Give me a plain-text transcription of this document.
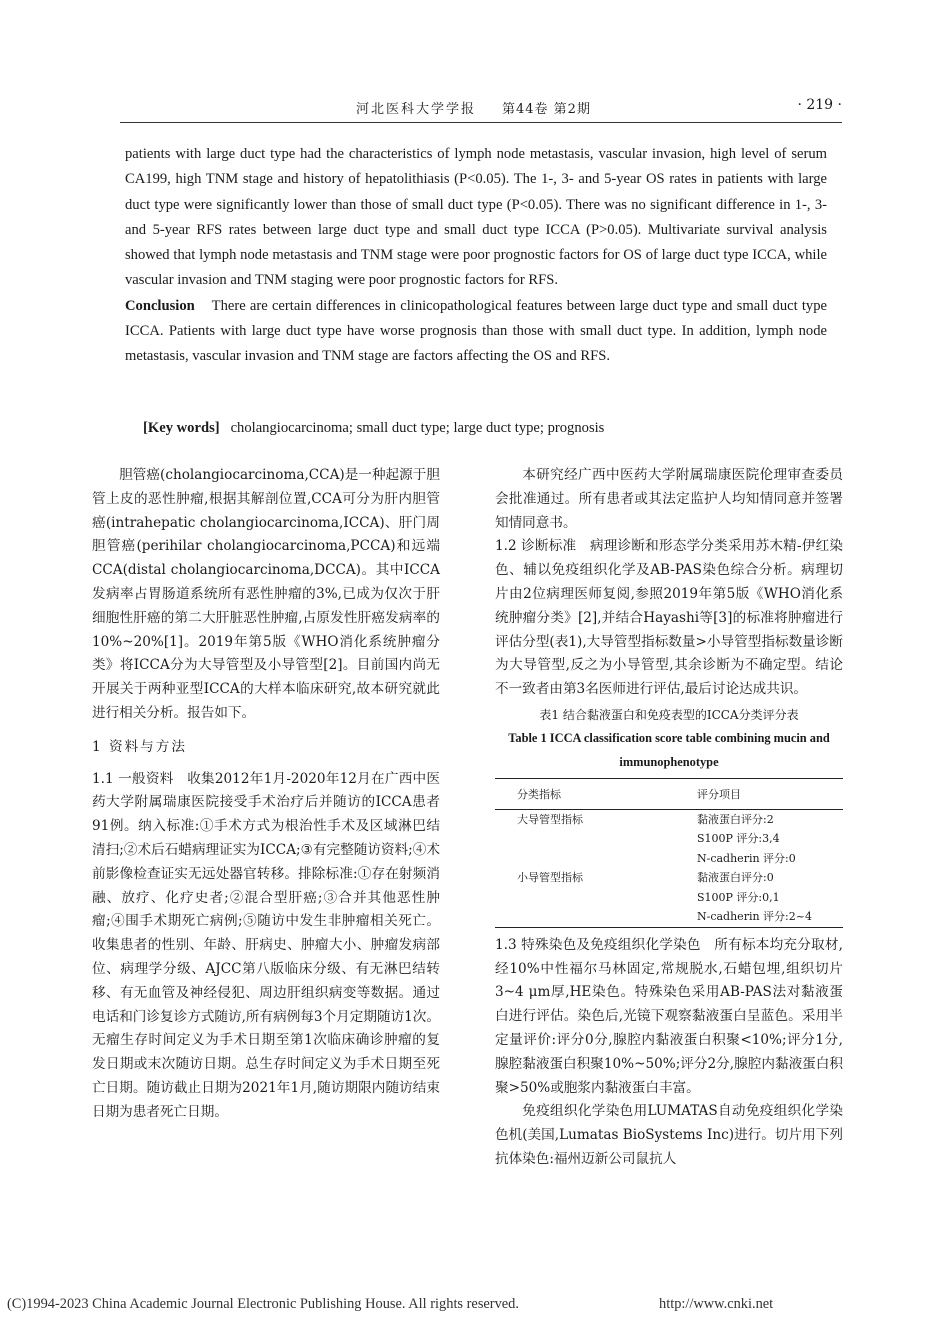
河北医科大学学报 第44卷 第2期	· 219 ·

patients with large duct type had the characteristics of lymph node metastasis, vascular invasion, high level of serum CA199, high TNM stage and history of hepatolithiasis (P<0.05). The 1-, 3- and 5-year OS rates in patients with large duct type were significantly lower than those of small duct type (P<0.05). There was no significant difference in 1-, 3-and 5-year RFS rates between large duct type and small duct type ICCA (P>0.05). Multivariate survival analysis showed that lymph node metastasis and TNM stage were poor prognostic factors for OS of large duct type ICCA, while vascular invasion and TNM staging were poor prognostic factors for RFS.

Conclusion There are certain differences in clinicopathological features between large duct type and small duct type ICCA. Patients with large duct type have worse prognosis than those with small duct type. In addition, lymph node metastasis, vascular invasion and TNM stage are factors affecting the OS and RFS.

[Key words] cholangiocarcinoma; small duct type; large duct type; prognosis

胆管癌(cholangiocarcinoma,CCA)是一种起源于胆管上皮的恶性肿瘤,根据其解剖位置,CCA可分为肝内胆管癌(intrahepatic cholangiocarcinoma,ICCA)、肝门周胆管癌(perihilar cholangiocarcinoma,PCCA)和远端CCA(distal cholangiocarcinoma,DCCA)。其中ICCA发病率占胃肠道系统所有恶性肿瘤的3%,已成为仅次于肝细胞性肝癌的第二大肝脏恶性肿瘤,占原发性肝癌发病率的10%~20%[1]。2019年第5版《WHO消化系统肿瘤分类》将ICCA分为大导管型及小导管型[2]。目前国内尚无开展关于两种亚型ICCA的大样本临床研究,故本研究就此进行相关分析。报告如下。

1 资料与方法

1.1 一般资料 收集2012年1月-2020年12月在广西中医药大学附属瑞康医院接受手术治疗后并随访的ICCA患者91例。纳入标准:①手术方式为根治性手术及区域淋巴结清扫;②术后石蜡病理证实为ICCA;③有完整随访资料;④术前影像检查证实无远处器官转移。排除标准:①存在射频消融、放疗、化疗史者;②混合型肝癌;③合并其他恶性肿瘤;④围手术期死亡病例;⑤随访中发生非肿瘤相关死亡。收集患者的性别、年龄、肝病史、肿瘤大小、肿瘤发病部位、病理学分级、AJCC第八版临床分级、有无淋巴结转移、有无血管及神经侵犯、周边肝组织病变等数据。通过电话和门诊复诊方式随访,所有病例每3个月定期随访1次。无瘤生存时间定义为手术日期至第1次临床确诊肿瘤的复发日期或末次随访日期。总生存时间定义为手术日期至死亡日期。随访截止日期为2021年1月,随访期限内随访结束日期为患者死亡日期。

本研究经广西中医药大学附属瑞康医院伦理审查委员会批准通过。所有患者或其法定监护人均知情同意并签署知情同意书。

1.2 诊断标准 病理诊断和形态学分类采用苏木精-伊红染色、辅以免疫组织化学及AB-PAS染色综合分析。病理切片由2位病理医师复阅,参照2019年第5版《WHO消化系统肿瘤分类》[2],并结合Hayashi等[3]的标准将肿瘤进行评估分型(表1),大导管型指标数量>小导管型指标数量诊断为大导管型,反之为小导管型,其余诊断为不确定型。结论不一致者由第3名医师进行评估,最后讨论达成共识。

表1 结合黏液蛋白和免疫表型的ICCA分类评分表
Table 1 ICCA classification score table combining mucin and immunophenotype
分类指标	评分项目
大导管型指标	黏液蛋白评分:2
	S100P 评分:3,4
	N-cadherin 评分:0
小导管型指标	黏液蛋白评分:0
	S100P 评分:0,1
	N-cadherin 评分:2~4

1.3 特殊染色及免疫组织化学染色 所有标本均充分取材,经10%中性福尔马林固定,常规脱水,石蜡包埋,组织切片3~4 μm厚,HE染色。特殊染色采用AB-PAS法对黏液蛋白进行评估。染色后,光镜下观察黏液蛋白呈蓝色。采用半定量评价:评分0分,腺腔内黏液蛋白积聚<10%;评分1分,腺腔黏液蛋白积聚10%~50%;评分2分,腺腔内黏液蛋白积聚>50%或胞浆内黏液蛋白丰富。

免疫组织化学染色用LUMATAS自动免疫组织化学染色机(美国,Lumatas BioSystems Inc)进行。切片用下列抗体染色:福州迈新公司鼠抗人

(C)1994-2023 China Academic Journal Electronic Publishing House. All rights reserved.	http://www.cnki.net
